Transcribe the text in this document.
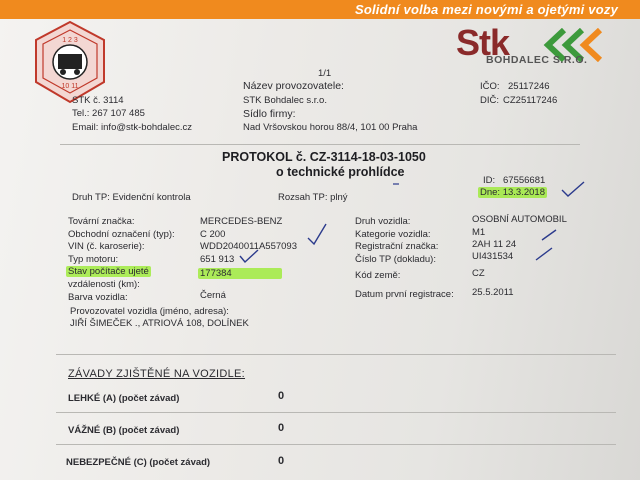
Solidní volba mezi novými a ojetými vozy
1 2 3
10 11
Stk
BOHDALEC S.R.O.
1/1
STK č. 3114
Tel.: 267 107 485
Email: info@stk-bohdalec.cz
Název provozovatele:
STK Bohdalec s.r.o.
Sídlo firmy:
Nad Vršovskou horou 88/4, 101 00 Praha
IČO: 25117246
DIČ: CZ25117246
PROTOKOL č. CZ-3114-18-03-1050
o technické prohlídce
ID: 67556681
Dne: 13.3.2018
Druh TP: Evidenční kontrola	Rozsah TP: plný
Tovární značka:	MERCEDES-BENZ
Obchodní označení (typ):	C 200
VIN (č. karoserie):	WDD2040011A557093
Typ motoru:	651 913
Stav počítače ujeté	177384
vzdálenosti (km):
Barva vozidla:	Černá
Druh vozidla:	OSOBNÍ AUTOMOBIL
Kategorie vozidla:	M1
Registrační značka:	2AH 11 24
Číslo TP (dokladu):	UI431534
Kód země:	CZ
Datum první registrace: 25.5.2011
Provozovatel vozidla (jméno, adresa):
JIŘÍ ŠIMEČEK ., ATRIOVÁ 108, DOLÍNEK
ZÁVADY ZJIŠTĚNÉ NA VOZIDLE:
LEHKÉ (A) (počet závad)	0
VÁŽNÉ (B) (počet závad)	0
NEBEZPEČNÉ (C) (počet závad)	0
